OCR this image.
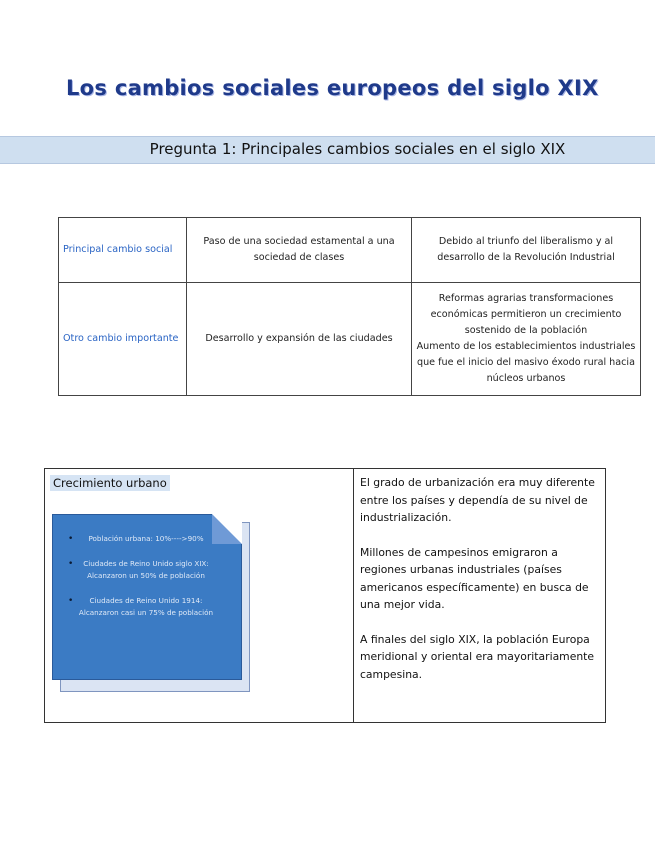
Los cambios sociales europeos del siglo XIX
Pregunta 1: Principales cambios sociales en el siglo XIX
Principal cambio social	Paso de una sociedad estamental a una sociedad de clases	Debido al triunfo del liberalismo y al desarrollo de la Revolución Industrial
Otro cambio importante	Desarrollo y expansión de las ciudades	Reformas agrarias transformaciones económicas permitieron un crecimiento sostenido de la población
Aumento de los establecimientos industriales que fue el inicio del masivo éxodo rural hacia núcleos urbanos
Crecimiento urbano
• Población urbana: 10%---->90%
• Ciudades de Reino Unido siglo XIX: Alcanzaron un 50% de población
• Ciudades de Reino Unido 1914: Alcanzaron casi un 75% de población

El grado de urbanización era muy diferente entre los países y dependía de su nivel de industrialización.

Millones de campesinos emigraron a regiones urbanas industriales (países americanos específicamente) en busca de una mejor vida.

A finales del siglo XIX, la población Europa meridional y oriental era mayoritariamente campesina.
